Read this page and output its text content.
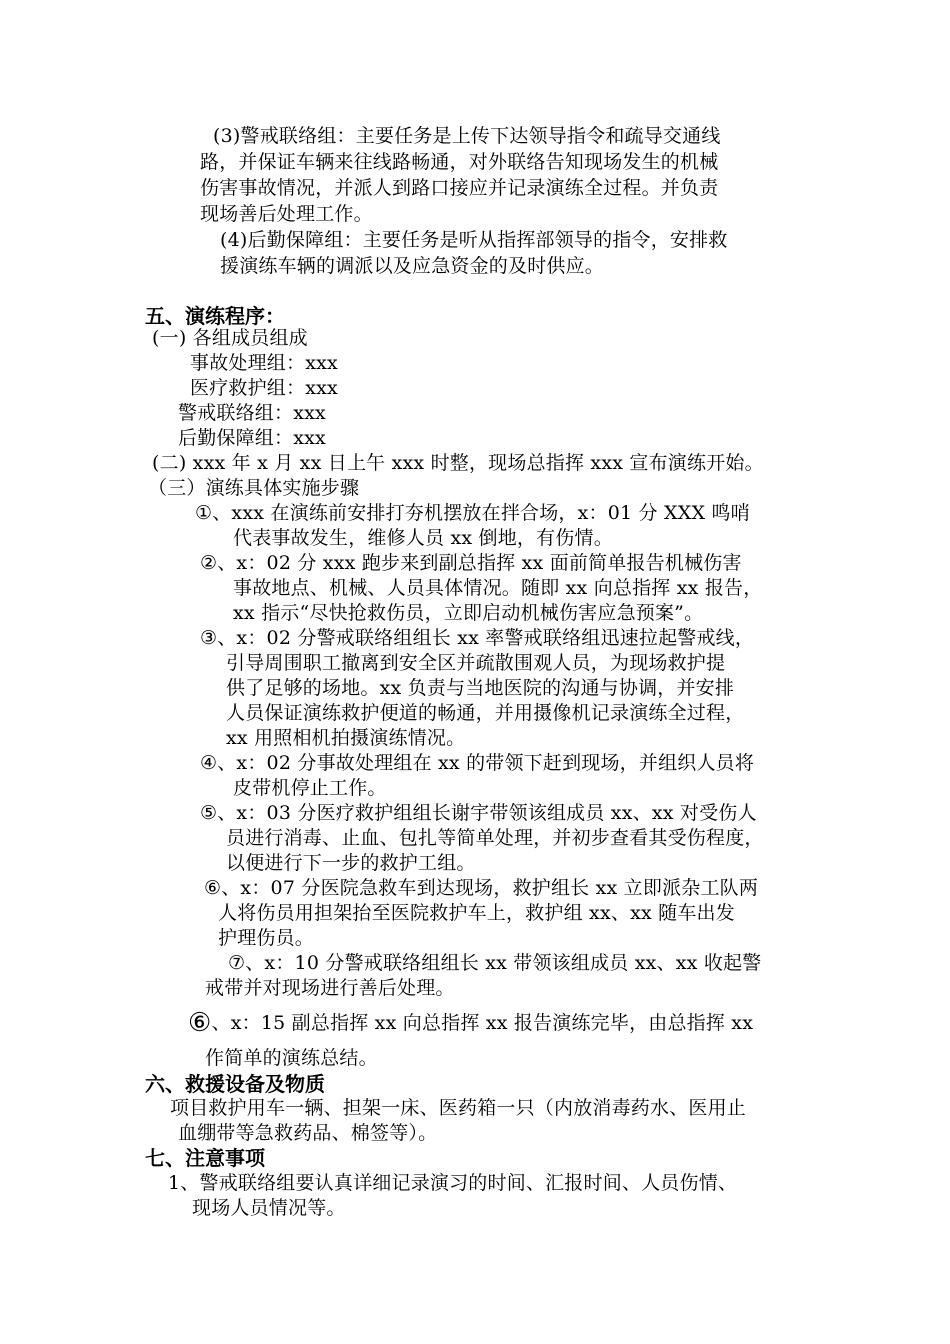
(3)警戒联络组：主要任务是上传下达领导指令和疏导交通线
路，并保证车辆来往线路畅通，对外联络告知现场发生的机械
伤害事故情况，并派人到路口接应并记录演练全过程。并负责
现场善后处理工作。
(4)后勤保障组：主要任务是听从指挥部领导的指令，安排救
援演练车辆的调派以及应急资金的及时供应。
五、演练程序：
(一) 各组成员组成
事故处理组：xxx
医疗救护组：xxx
警戒联络组：xxx
后勤保障组：xxx
(二) xxx 年 x 月 xx 日上午 xxx 时整，现场总指挥 xxx 宣布演练开始。
（三）演练具体实施步骤
①、xxx 在演练前安排打夯机摆放在拌合场，x：01 分 XXX 鸣哨
代表事故发生，维修人员 xx 倒地，有伤情。
②、x：02 分 xxx 跑步来到副总指挥 xx 面前简单报告机械伤害
事故地点、机械、人员具体情况。随即 xx 向总指挥 xx 报告，
xx 指示“尽快抢救伤员，立即启动机械伤害应急预案”。
③、x：02 分警戒联络组组长 xx 率警戒联络组迅速拉起警戒线，
引导周围职工撤离到安全区并疏散围观人员，为现场救护提
供了足够的场地。xx 负责与当地医院的沟通与协调，并安排
人员保证演练救护便道的畅通，并用摄像机记录演练全过程，
xx 用照相机拍摄演练情况。
④、x：02 分事故处理组在 xx 的带领下赶到现场，并组织人员将
皮带机停止工作。
⑤、x：03 分医疗救护组组长谢宇带领该组成员 xx、xx 对受伤人
员进行消毒、止血、包扎等简单处理，并初步查看其受伤程度，
以便进行下一步的救护工组。
⑥、x：07 分医院急救车到达现场，救护组长 xx 立即派杂工队两
人将伤员用担架抬至医院救护车上，救护组 xx、xx 随车出发
护理伤员。
⑦、x：10 分警戒联络组组长 xx 带领该组成员 xx、xx 收起警
戒带并对现场进行善后处理。
⑥、x：15 副总指挥 xx 向总指挥 xx 报告演练完毕，由总指挥 xx
作简单的演练总结。
六、救援设备及物质
项目救护用车一辆、担架一床、医药箱一只（内放消毒药水、医用止
血绷带等急救药品、棉签等）。
七、注意事项
1、警戒联络组要认真详细记录演习的时间、汇报时间、人员伤情、
现场人员情况等。
